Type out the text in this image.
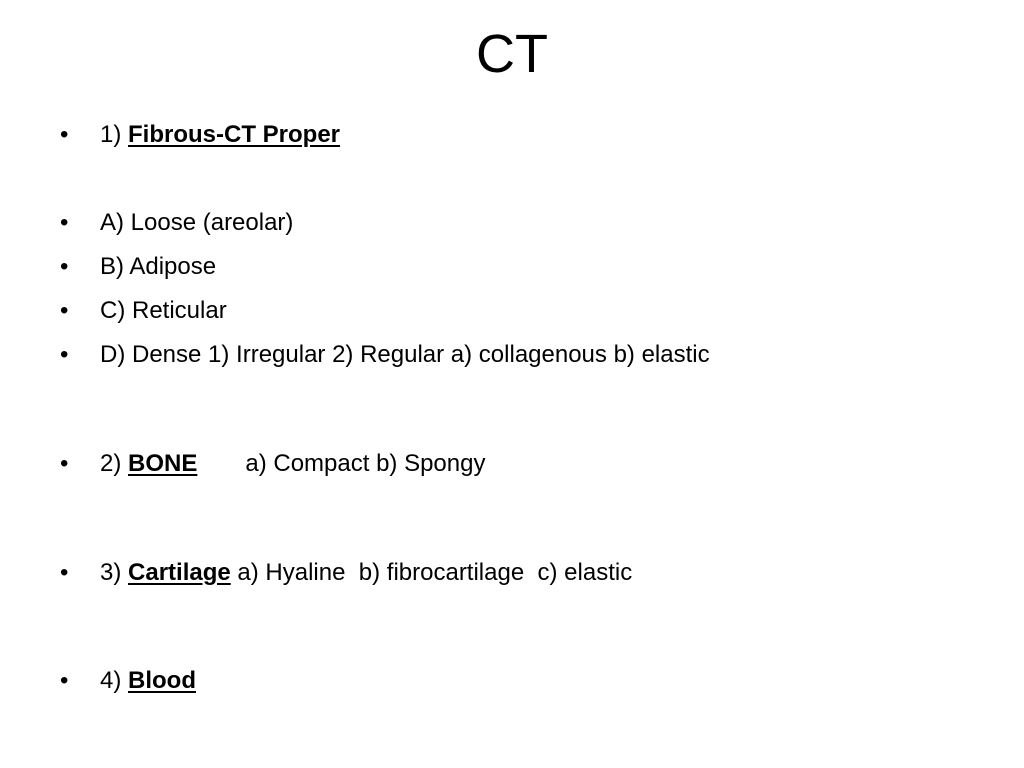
CT
• 1) Fibrous-CT Proper
• A) Loose (areolar)
• B) Adipose
• C) Reticular
• D) Dense 1) Irregular 2) Regular a) collagenous b) elastic
• 2) BONE a) Compact b) Spongy
• 3) Cartilage a) Hyaline  b) fibrocartilage  c) elastic
• 4) Blood
